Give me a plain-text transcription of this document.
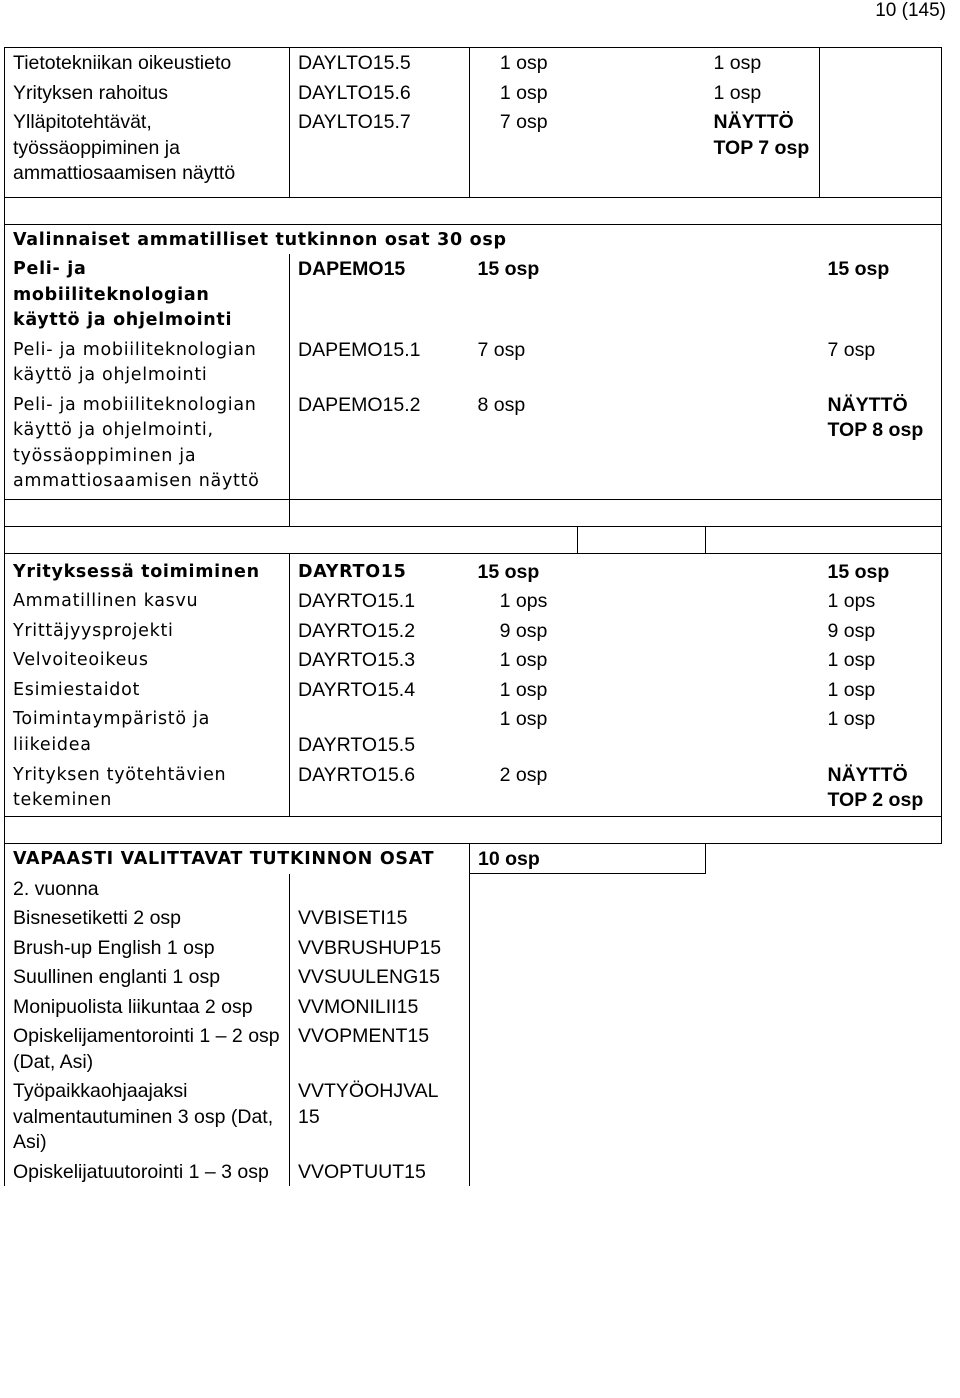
10 (145)
Tietotekniikan oikeustieto	DAYLTO15.5	1 osp		1 osp	
Yrityksen rahoitus	DAYLTO15.6	1 osp		1 osp	
Ylläpitotehtävät, työssäoppiminen ja ammattiosaamisen näyttö	DAYLTO15.7	7 osp		NÄYTTÖ TOP 7 osp	

Valinnaiset ammatilliset tutkinnon osat 30 osp					
Peli- ja mobiiliteknologian käyttö ja ohjelmointi	DAPEMO15	15 osp			15 osp
Peli- ja mobiiliteknologian käyttö ja ohjelmointi	DAPEMO15.1	7 osp			7 osp
Peli- ja mobiiliteknologian käyttö ja ohjelmointi, työssäoppiminen ja ammattiosaamisen näyttö	DAPEMO15.2	8 osp			NÄYTTÖ TOP 8 osp

Yrityksessä toimiminen	DAYRTO15	15 osp			15 osp
Ammatillinen kasvu	DAYRTO15.1	1 ops			1 ops
Yrittäjyysprojekti	DAYRTO15.2	9 osp			9 osp
Velvoiteoikeus	DAYRTO15.3	1 osp			1 osp
Esimiestaidot	DAYRTO15.4	1 osp			1 osp
Toimintaympäristö ja liikeidea	DAYRTO15.5	1 osp			1 osp
Yrityksen työtehtävien tekeminen	DAYRTO15.6	2 osp			NÄYTTÖ TOP 2 osp

VAPAASTI VALITTAVAT TUTKINNON OSAT		10 osp			
2. vuonna					
Bisnesetiketti 2 osp	VVBISETI15				
Brush-up English 1 osp	VVBRUSHUP15				
Suullinen englanti 1 osp	VVSUULENG15				
Monipuolista liikuntaa 2 osp	VVMONILII15				
Opiskelijamentorointi 1 – 2 osp (Dat, Asi)	VVOPMENT15				
Työpaikkaohjaajaksi valmentautuminen 3 osp (Dat, Asi)	VVTYÖOHJVAL 15				
Opiskelijatuutorointi 1 – 3 osp	VVOPTUUT15				
